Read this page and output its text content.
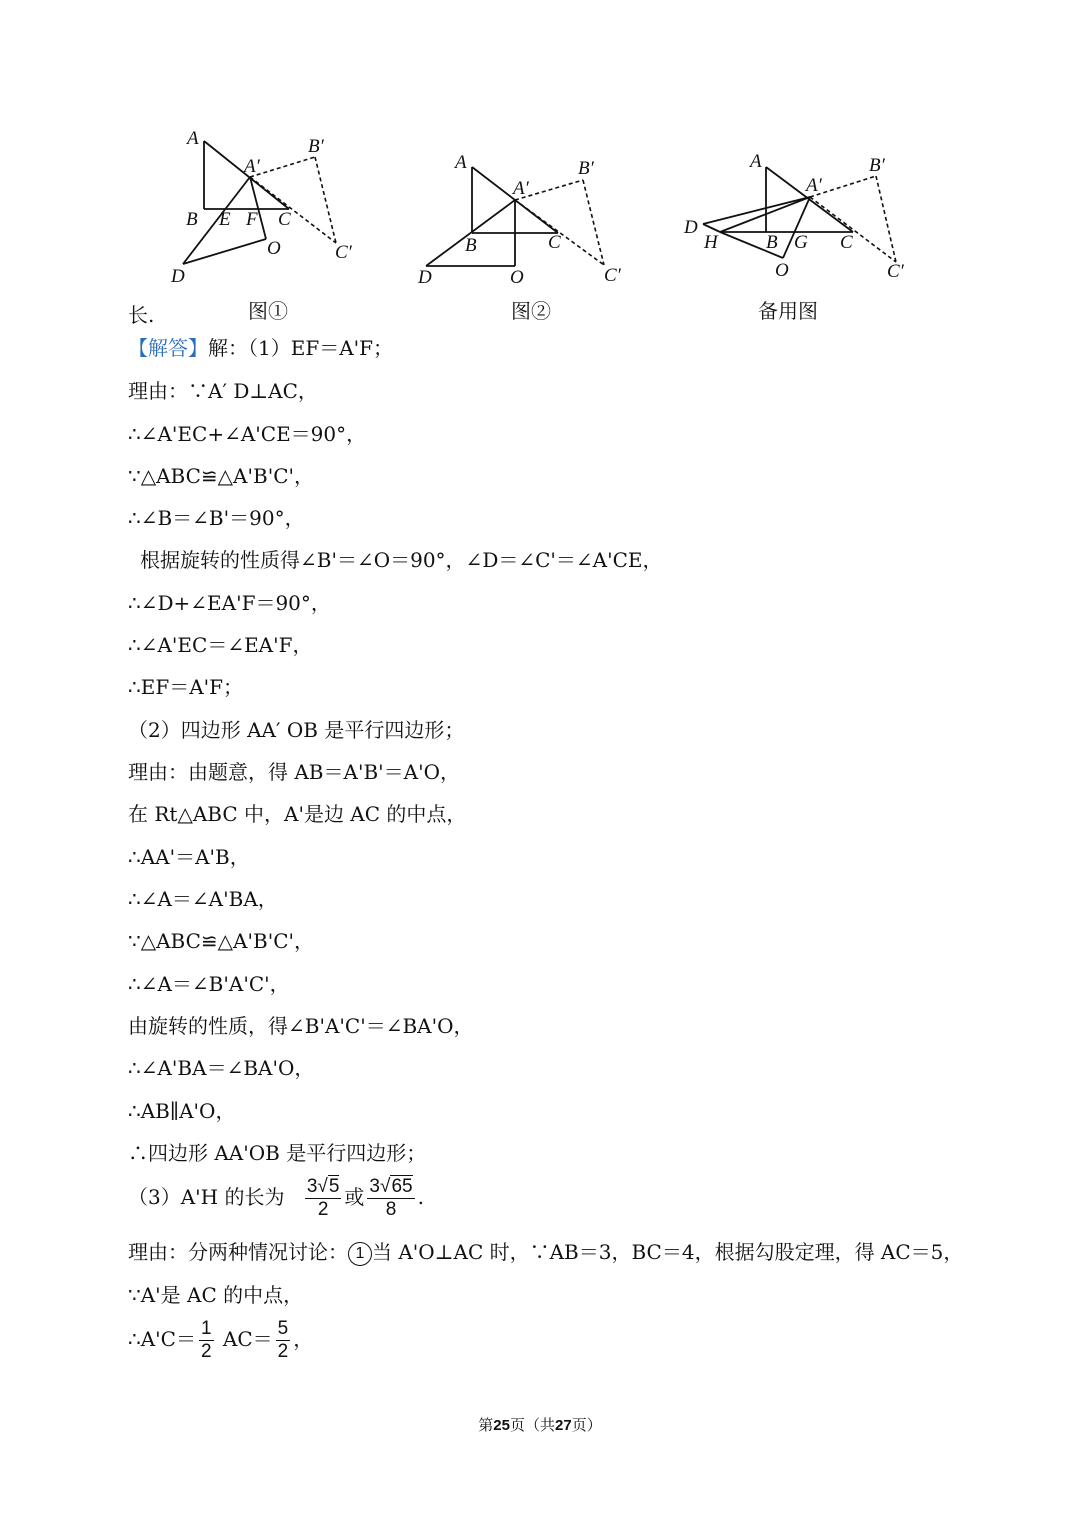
A
A′
B′
B E F C
O
D
C′
A
A′
B′
B	C
D	O	C′
A
A′
B′
D
H	B G C
O	C′
图①	图②	备用图
长.
【解答】解：（1）EF＝A'F；
理由：∵A′ D⊥AC，
∴∠A'EC+∠A'CE＝90°，
∵△ABC≌△A'B'C'，
∴∠B＝∠B'＝90°，
根据旋转的性质得∠B'＝∠O＝90°，∠D＝∠C'＝∠A'CE，
∴∠D+∠EA'F＝90°，
∴∠A'EC＝∠EA'F，
∴EF＝A'F；
（2）四边形 AA′ OB 是平行四边形；
理由：由题意，得 AB＝A'B'＝A'O，
在 Rt△ABC 中，A'是边 AC 的中点，
∴AA'＝A'B，
∴∠A＝∠A'BA，
∵△ABC≌△A'B'C'，
∴∠A＝∠B'A'C'，
由旋转的性质，得∠B'A'C'＝∠BA'O，
∴∠A'BA＝∠BA'O，
∴AB∥A'O，
∴四边形 AA'OB 是平行四边形；
（3）A'H 的长为 $\frac{3√5}{2}$ 或 $\frac{3√65}{8}$ .
理由：分两种情况讨论： 1 当 A'O⊥AC 时，∵AB＝3，BC＝4，根据勾股定理，得 AC＝5，
∵A'是 AC 的中点，
∴A'C＝ $\frac{1}{2} AC= \frac{5}{2}$ ，
第25页（共27页）
